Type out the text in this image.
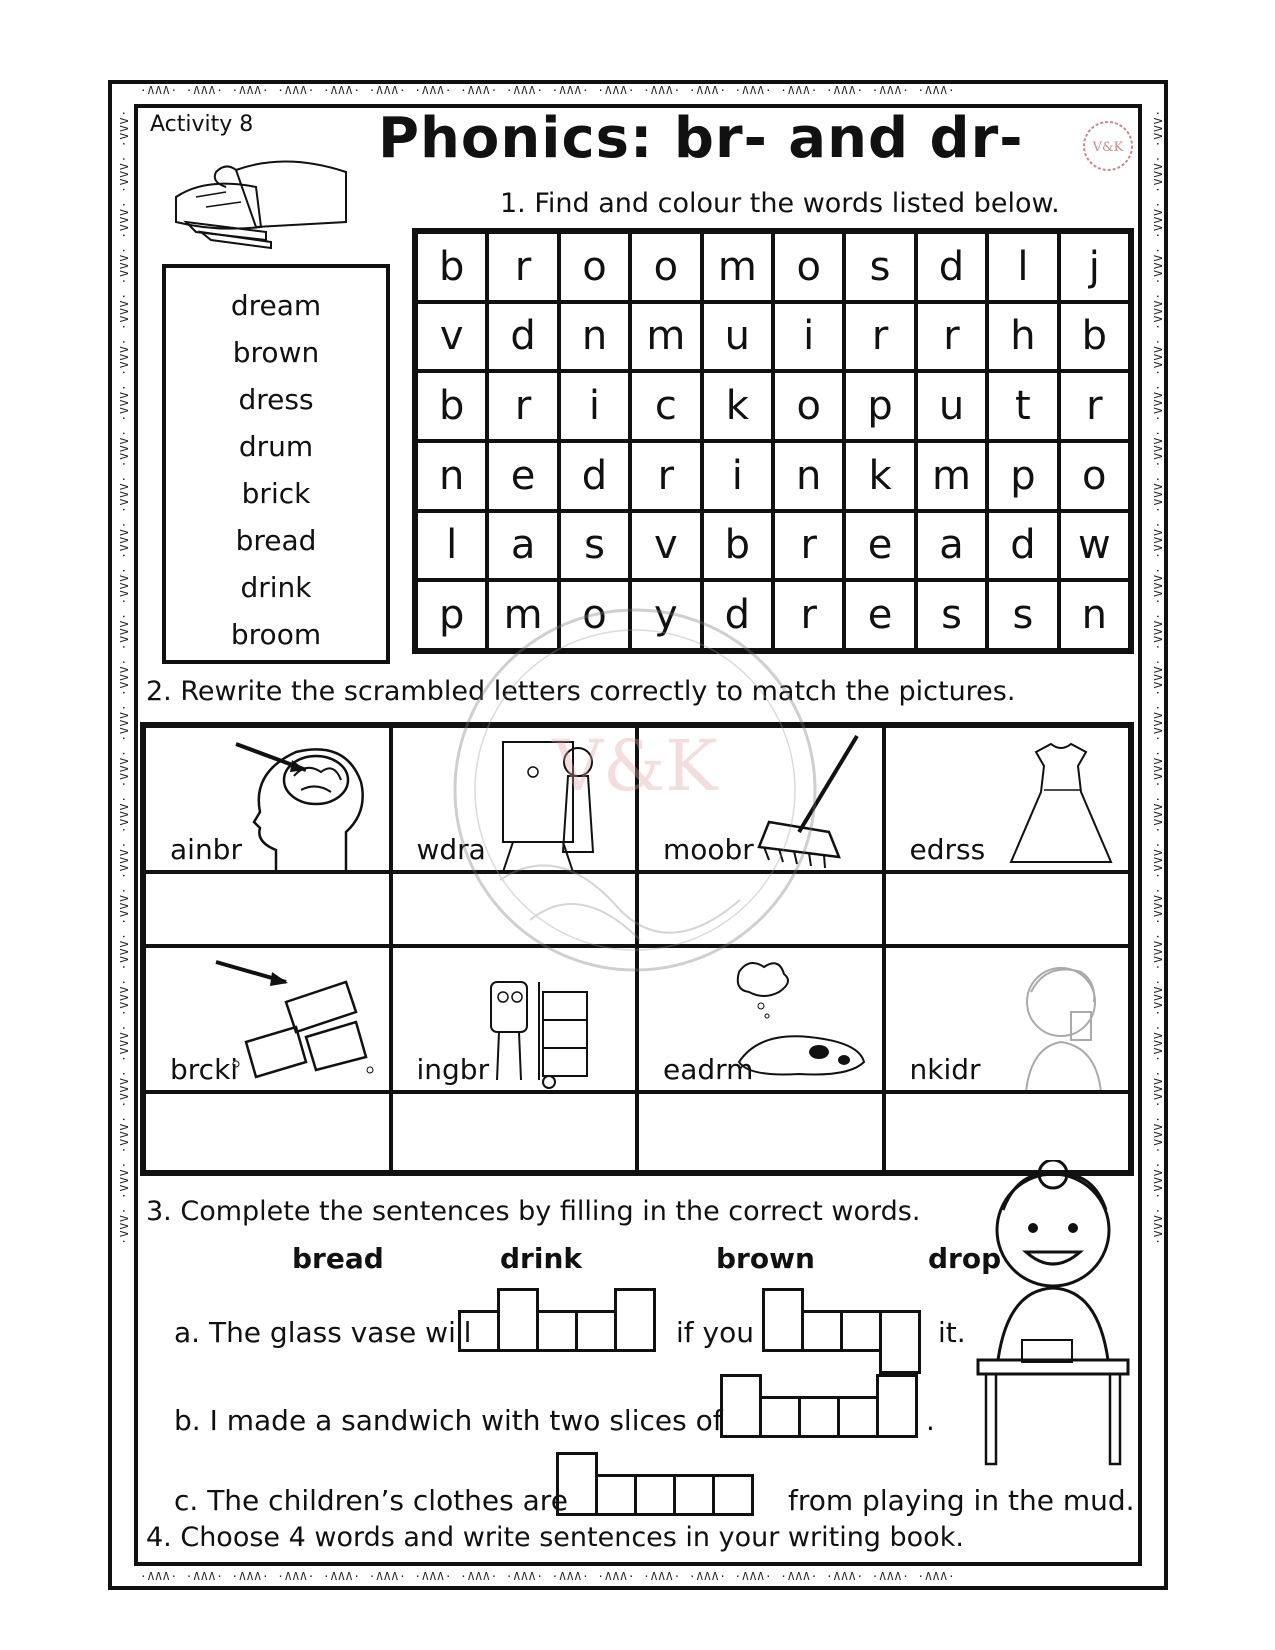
·ɅɅɅ· ·ɅɅɅ· ·ɅɅɅ· ·ɅɅɅ· ·ɅɅɅ· ·ɅɅɅ· ·ɅɅɅ· ·ɅɅɅ· ·ɅɅɅ· ·ɅɅɅ· ·ɅɅɅ· ·ɅɅɅ· ·ɅɅɅ· ·ɅɅɅ· ·ɅɅɅ· ·ɅɅɅ· ·ɅɅɅ· ·ɅɅɅ·
·ɅɅɅ· ·ɅɅɅ· ·ɅɅɅ· ·ɅɅɅ· ·ɅɅɅ· ·ɅɅɅ· ·ɅɅɅ· ·ɅɅɅ· ·ɅɅɅ· ·ɅɅɅ· ·ɅɅɅ· ·ɅɅɅ· ·ɅɅɅ· ·ɅɅɅ· ·ɅɅɅ· ·ɅɅɅ· ·ɅɅɅ· ·ɅɅɅ·
·ɅɅɅ· ·ɅɅɅ· ·ɅɅɅ· ·ɅɅɅ· ·ɅɅɅ· ·ɅɅɅ· ·ɅɅɅ· ·ɅɅɅ· ·ɅɅɅ· ·ɅɅɅ· ·ɅɅɅ· ·ɅɅɅ· ·ɅɅɅ· ·ɅɅɅ· ·ɅɅɅ· ·ɅɅɅ· ·ɅɅɅ· ·ɅɅɅ· ·ɅɅɅ· ·ɅɅɅ· ·ɅɅɅ· ·ɅɅɅ· ·ɅɅɅ· ·ɅɅɅ· ·ɅɅɅ·	·ɅɅɅ· ·ɅɅɅ· ·ɅɅɅ· ·ɅɅɅ· ·ɅɅɅ· ·ɅɅɅ· ·ɅɅɅ· ·ɅɅɅ· ·ɅɅɅ· ·ɅɅɅ· ·ɅɅɅ· ·ɅɅɅ· ·ɅɅɅ· ·ɅɅɅ· ·ɅɅɅ· ·ɅɅɅ· ·ɅɅɅ· ·ɅɅɅ· ·ɅɅɅ· ·ɅɅɅ· ·ɅɅɅ· ·ɅɅɅ· ·ɅɅɅ· ·ɅɅɅ· ·ɅɅɅ·
Activity 8 Phonics: br- and dr-	V&K
1. Find and colour the words listed below.
dream
brown
dress
drum
brick
bread
drink
broom
b	r	o	o m o	s	d	l	j
v	d	n m u	i	r	r	h	b
b	r	i	c	k	o	p	u	t	r
n	e	d	r	i	n	k	m p	o
l	a	s	v	b	r	e	a	d	w
p m o	y	d	r	e	s	s	n
2. Rewrite the scrambled letters correctly to match the pictures.
ainbr	wdra	moobr	edrss
brcki	ingbr	eadrm	nkidr
V&K
3. Complete the sentences by filling in the correct words.
bread	drink	brown	drop
a. The glass vase will	if you	it.
b. I made a sandwich with two slices of	.
c. The children’s clothes are	from playing in the mud.
4. Choose 4 words and write sentences in your writing book.
